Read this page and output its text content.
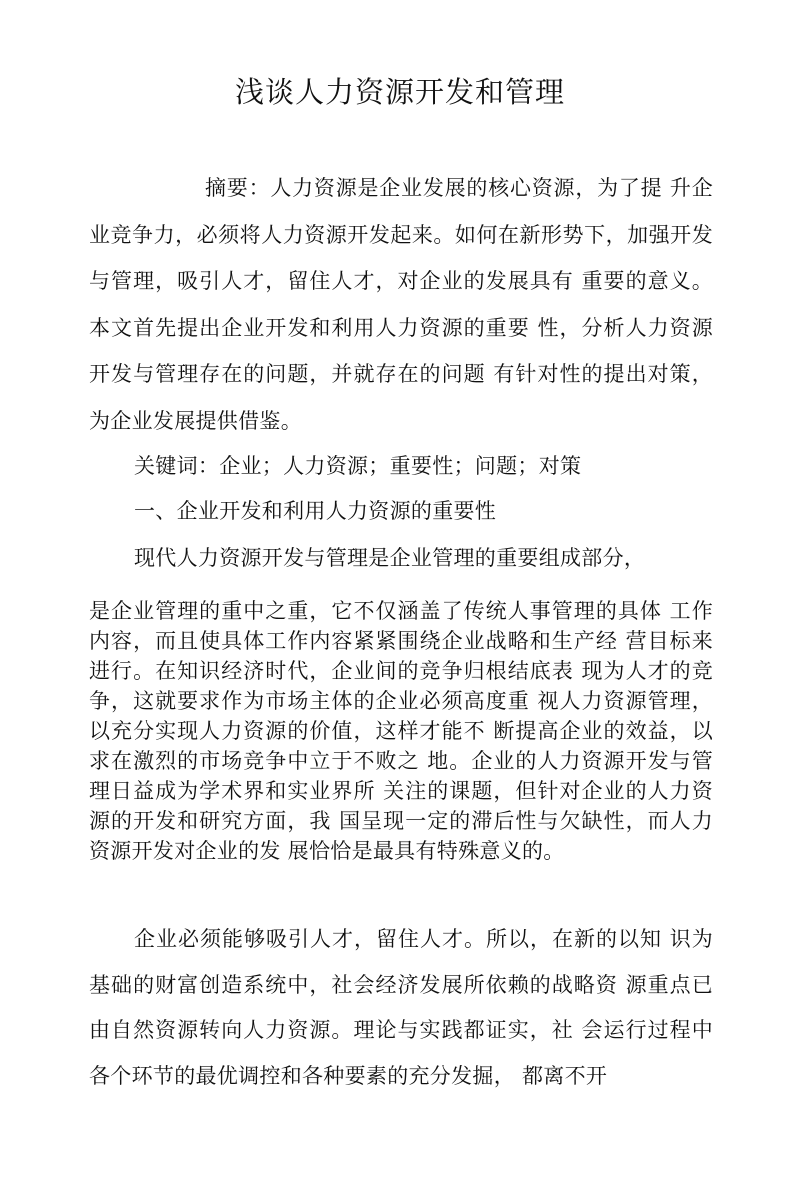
浅谈人力资源开发和管理

摘要：人力资源是企业发展的核心资源，为了提 升企业竞争力，必须将人力资源开发起来。如何在新形势下，加强开发与管理，吸引人才，留住人才，对企业的发展具有 重要的意义。本文首先提出企业开发和利用人力资源的重要 性，分析人力资源开发与管理存在的问题，并就存在的问题 有针对性的提出对策，为企业发展提供借鉴。

关键词：企业；人力资源；重要性；问题；对策

一、企业开发和利用人力资源的重要性

现代人力资源开发与管理是企业管理的重要组成部分，

是企业管理的重中之重，它不仅涵盖了传统人事管理的具体 工作内容，而且使具体工作内容紧紧围绕企业战略和生产经 营目标来进行。在知识经济时代，企业间的竞争归根结底表 现为人才的竞争，这就要求作为市场主体的企业必须高度重 视人力资源管理，以充分实现人力资源的价值，这样才能不 断提高企业的效益，以求在激烈的市场竞争中立于不败之 地。企业的人力资源开发与管理日益成为学术界和实业界所 关注的课题，但针对企业的人力资源的开发和研究方面，我 国呈现一定的滞后性与欠缺性，而人力资源开发对企业的发 展恰恰是最具有特殊意义的。

企业必须能够吸引人才，留住人才。所以，在新的以知 识为基础的财富创造系统中，社会经济发展所依赖的战略资 源重点已由自然资源转向人力资源。理论与实践都证实，社 会运行过程中各个环节的最优调控和各种要素的充分发掘， 都离不开
